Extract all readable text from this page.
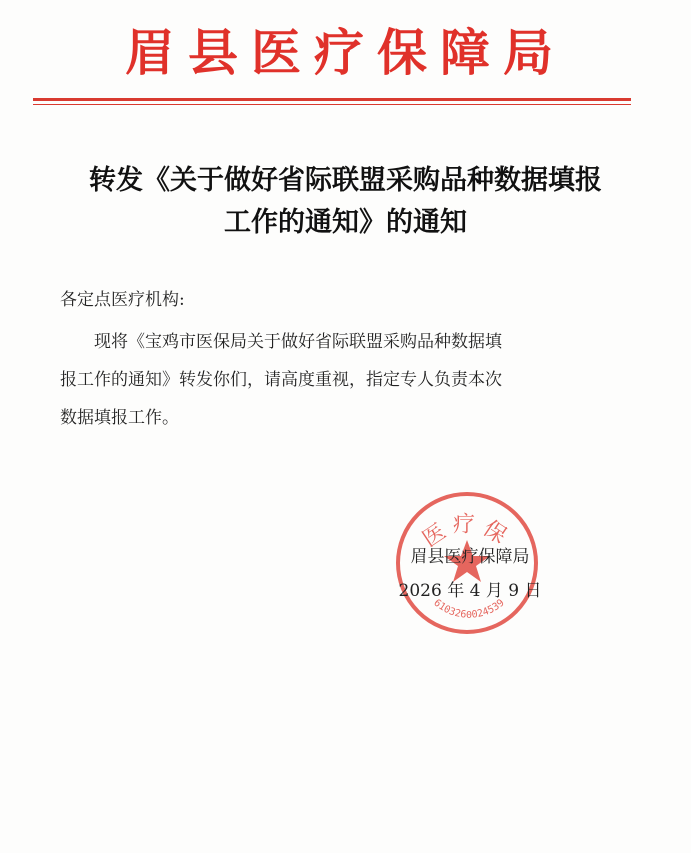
眉县医疗保障局
转发《关于做好省际联盟采购品种数据填报
工作的通知》的通知
各定点医疗机构:
现将《宝鸡市医保局关于做好省际联盟采购品种数据填
报工作的通知》转发你们，请高度重视，指定专人负责本次
数据填报工作。
医疗保
6103260024539
眉县医疗保障局
2026 年 4 月 9 日
